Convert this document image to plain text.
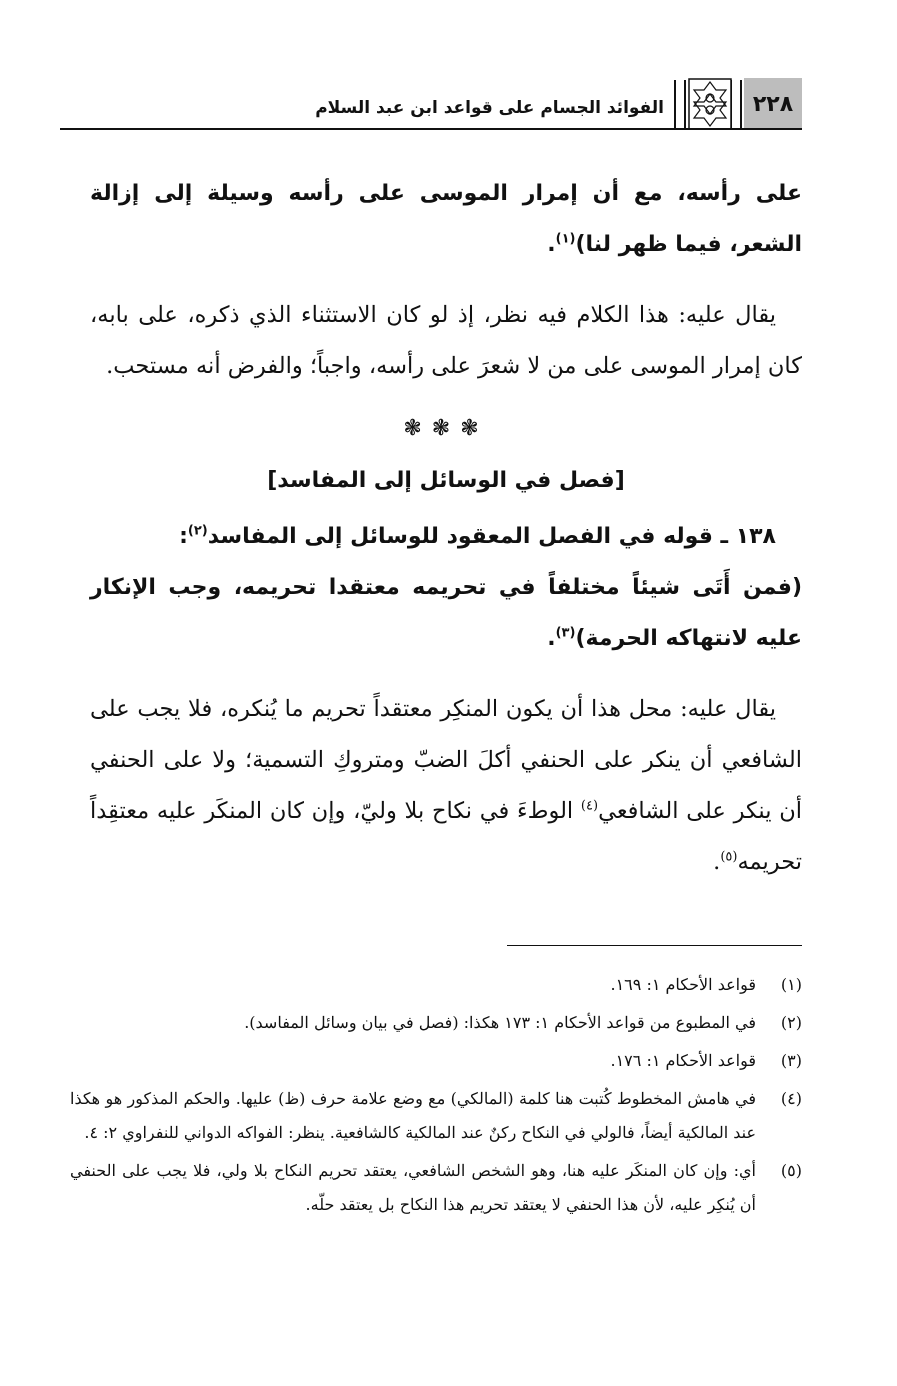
٢٢٨
الفوائد الجسام على قواعد ابن عبد السلام

على رأسه، مع أن إمرار الموسى على رأسه وسيلة إلى إزالة الشعر، فيما ظهر لنا)$^{(١)}$.

يقال عليه: هذا الكلام فيه نظر، إذ لو كان الاستثناء الذي ذكره، على بابه، كان إمرار الموسى على من لا شعرَ على رأسه، واجباً؛ والفرض أنه مستحب.

❃❃❃
[فصل في الوسائل إلى المفاسد]

١٣٨ ـ قوله في الفصل المعقود للوسائل إلى المفاسد$^{(٢)}$:

(فمن أَتَى شيئاً مختلفاً في تحريمه معتقدا تحريمه، وجب الإنكار عليه لانتهاكه الحرمة)$^{(٣)}$.

يقال عليه: محل هذا أن يكون المنكِر معتقداً تحريم ما يُنكره، فلا يجب على الشافعي أن ينكر على الحنفي أكلَ الضبّ ومتروكِ التسمية؛ ولا على الحنفي أن ينكر على الشافعي$^{(٤)}$ الوطءَ في نكاح بلا وليّ، وإن كان المنكَر عليه معتقِداً تحريمه$^{(٥)}$.

(١)
قواعد الأحكام ١: ١٦٩.
(٢)
في المطبوع من قواعد الأحكام ١: ١٧٣ هكذا: (فصل في بيان وسائل المفاسد).
(٣)
قواعد الأحكام ١: ١٧٦.
(٤)
في هامش المخطوط كُتبت هنا كلمة (المالكي) مع وضع علامة حرف (ظ) عليها. والحكم المذكور هو هكذا عند المالكية أيضاً، فالولي في النكاح ركنٌ عند المالكية كالشافعية. ينظر: الفواكه الدواني للنفراوي ٢: ٤.
(٥)
أي: وإن كان المنكَر عليه هنا، وهو الشخص الشافعي، يعتقد تحريم النكاح بلا ولي، فلا يجب على الحنفي أن يُنكِر عليه، لأن هذا الحنفي لا يعتقد تحريم هذا النكاح بل يعتقد حلّه.
